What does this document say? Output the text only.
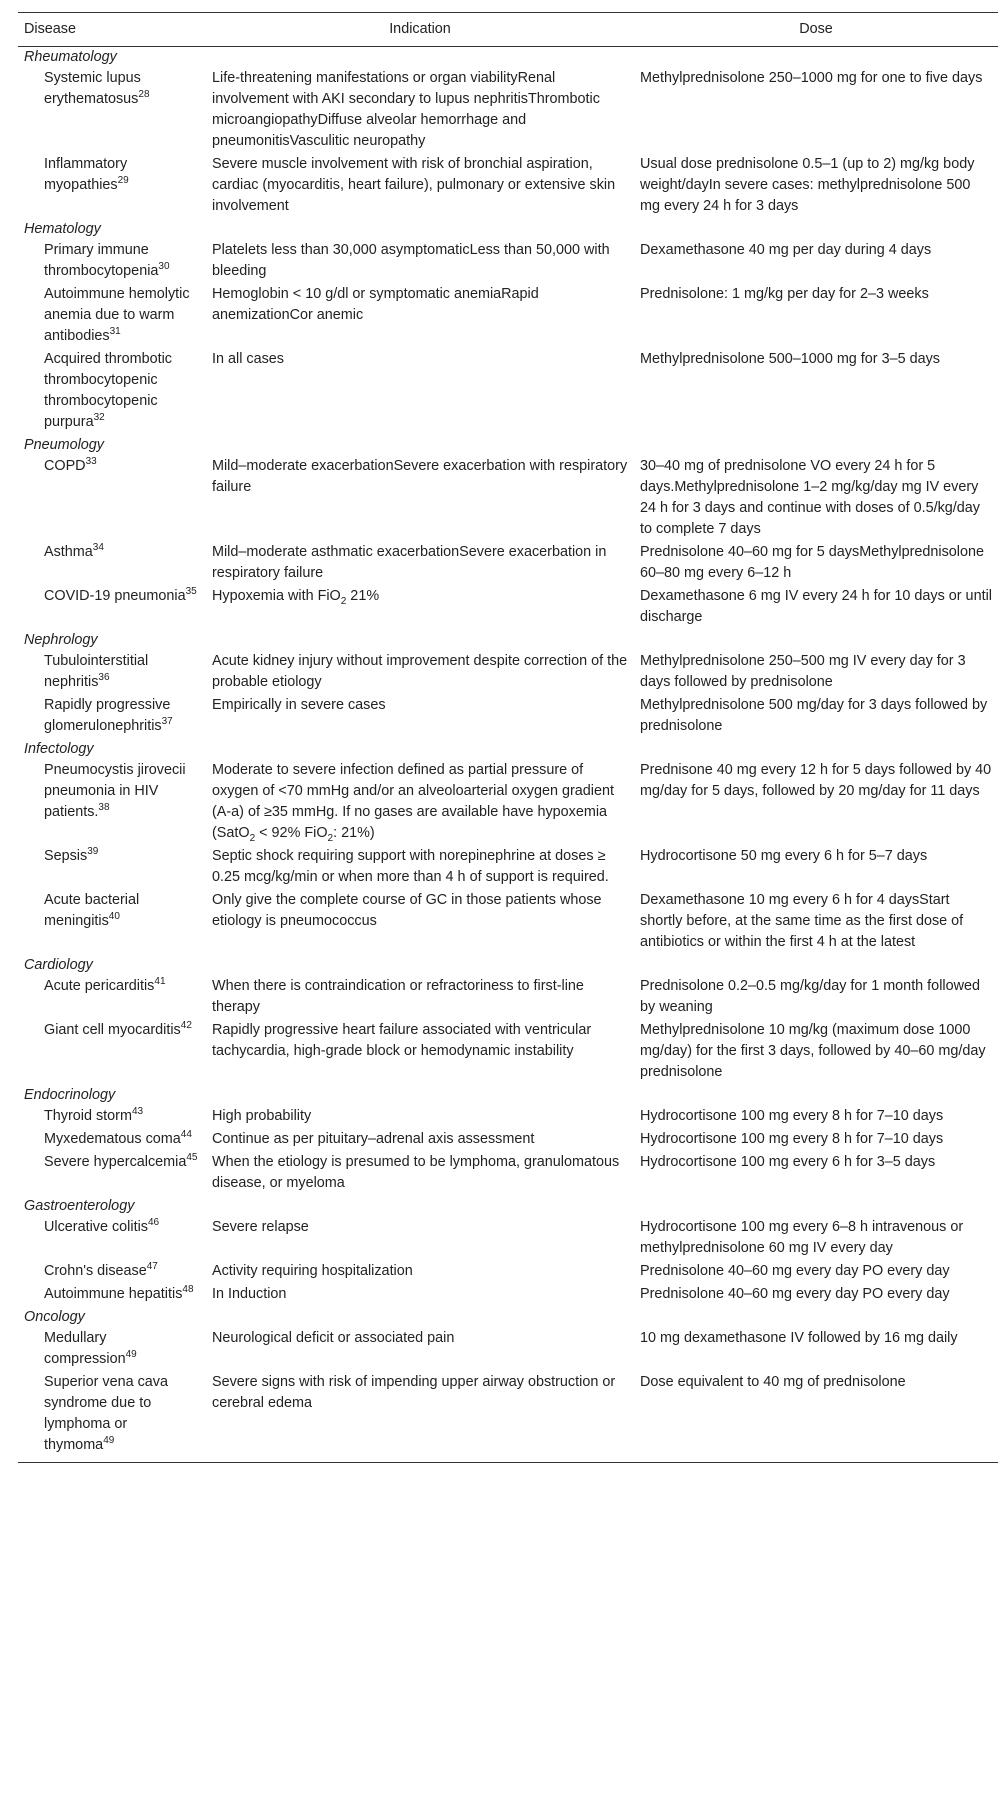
Disease	Indication	Dose
Rheumatology		
Systemic lupus erythematosus$^{28}$	Life-threatening manifestations or organ viabilityRenal involvement with AKI secondary to lupus nephritisThrombotic microangiopathyDiffuse alveolar hemorrhage and pneumonitisVasculitic neuropathy	Methylprednisolone 250–1000 mg for one to five days
Inflammatory myopathies$^{29}$	Severe muscle involvement with risk of bronchial aspiration, cardiac (myocarditis, heart failure), pulmonary or extensive skin involvement	Usual dose prednisolone 0.5–1 (up to 2) mg/kg body weight/dayIn severe cases: methylprednisolone 500 mg every 24 h for 3 days
Hematology		
Primary immune thrombocytopenia$^{30}$	Platelets less than 30,000 asymptomaticLess than 50,000 with bleeding	Dexamethasone 40 mg per day during 4 days
Autoimmune hemolytic anemia due to warm antibodies$^{31}$	Hemoglobin < 10 g/dl or symptomatic anemiaRapid anemizationCor anemic	Prednisolone: 1 mg/kg per day for 2–3 weeks
Acquired thrombotic thrombocytopenic thrombocytopenic purpura$^{32}$	In all cases	Methylprednisolone 500–1000 mg for 3–5 days
Pneumology		
COPD$^{33}$	Mild–moderate exacerbationSevere exacerbation with respiratory failure	30–40 mg of prednisolone VO every 24 h for 5 days.Methylprednisolone 1–2 mg/kg/day mg IV every 24 h for 3 days and continue with doses of 0.5/kg/day to complete 7 days
Asthma$^{34}$	Mild–moderate asthmatic exacerbationSevere exacerbation in respiratory failure	Prednisolone 40–60 mg for 5 daysMethylprednisolone 60–80 mg every 6–12 h
COVID-19 pneumonia$^{35}$	Hypoxemia with FiO$_2$ 21%	Dexamethasone 6 mg IV every 24 h for 10 days or until discharge
Nephrology		
Tubulointerstitial nephritis$^{36}$	Acute kidney injury without improvement despite correction of the probable etiology	Methylprednisolone 250–500 mg IV every day for 3 days followed by prednisolone
Rapidly progressive glomerulonephritis$^{37}$	Empirically in severe cases	Methylprednisolone 500 mg/day for 3 days followed by prednisolone
Infectology		
Pneumocystis jirovecii pneumonia in HIV patients.$^{38}$	Moderate to severe infection defined as partial pressure of oxygen of <70 mmHg and/or an alveoloarterial oxygen gradient (A-a) of ≥35 mmHg. If no gases are available have hypoxemia (SatO$_2$ < 92% FiO$_2$: 21%)	Prednisone 40 mg every 12 h for 5 days followed by 40 mg/day for 5 days, followed by 20 mg/day for 11 days
Sepsis$^{39}$	Septic shock requiring support with norepinephrine at doses ≥ 0.25 mcg/kg/min or when more than 4 h of support is required.	Hydrocortisone 50 mg every 6 h for 5–7 days
Acute bacterial meningitis$^{40}$	Only give the complete course of GC in those patients whose etiology is pneumococcus	Dexamethasone 10 mg every 6 h for 4 daysStart shortly before, at the same time as the first dose of antibiotics or within the first 4 h at the latest
Cardiology		
Acute pericarditis$^{41}$	When there is contraindication or refractoriness to first-line therapy	Prednisolone 0.2–0.5 mg/kg/day for 1 month followed by weaning
Giant cell myocarditis$^{42}$	Rapidly progressive heart failure associated with ventricular tachycardia, high-grade block or hemodynamic instability	Methylprednisolone 10 mg/kg (maximum dose 1000 mg/day) for the first 3 days, followed by 40–60 mg/day prednisolone
Endocrinology		
Thyroid storm$^{43}$	High probability	Hydrocortisone 100 mg every 8 h for 7–10 days
Myxedematous coma$^{44}$	Continue as per pituitary–adrenal axis assessment	Hydrocortisone 100 mg every 8 h for 7–10 days
Severe hypercalcemia$^{45}$	When the etiology is presumed to be lymphoma, granulomatous disease, or myeloma	Hydrocortisone 100 mg every 6 h for 3–5 days
Gastroenterology		
Ulcerative colitis$^{46}$	Severe relapse	Hydrocortisone 100 mg every 6–8 h intravenous or methylprednisolone 60 mg IV every day
Crohn's disease$^{47}$	Activity requiring hospitalization	Prednisolone 40–60 mg every day PO every day
Autoimmune hepatitis$^{48}$	In Induction	Prednisolone 40–60 mg every day PO every day
Oncology		
Medullary compression$^{49}$	Neurological deficit or associated pain	10 mg dexamethasone IV followed by 16 mg daily
Superior vena cava syndrome due to lymphoma or thymoma$^{49}$	Severe signs with risk of impending upper airway obstruction or cerebral edema	Dose equivalent to 40 mg of prednisolone
